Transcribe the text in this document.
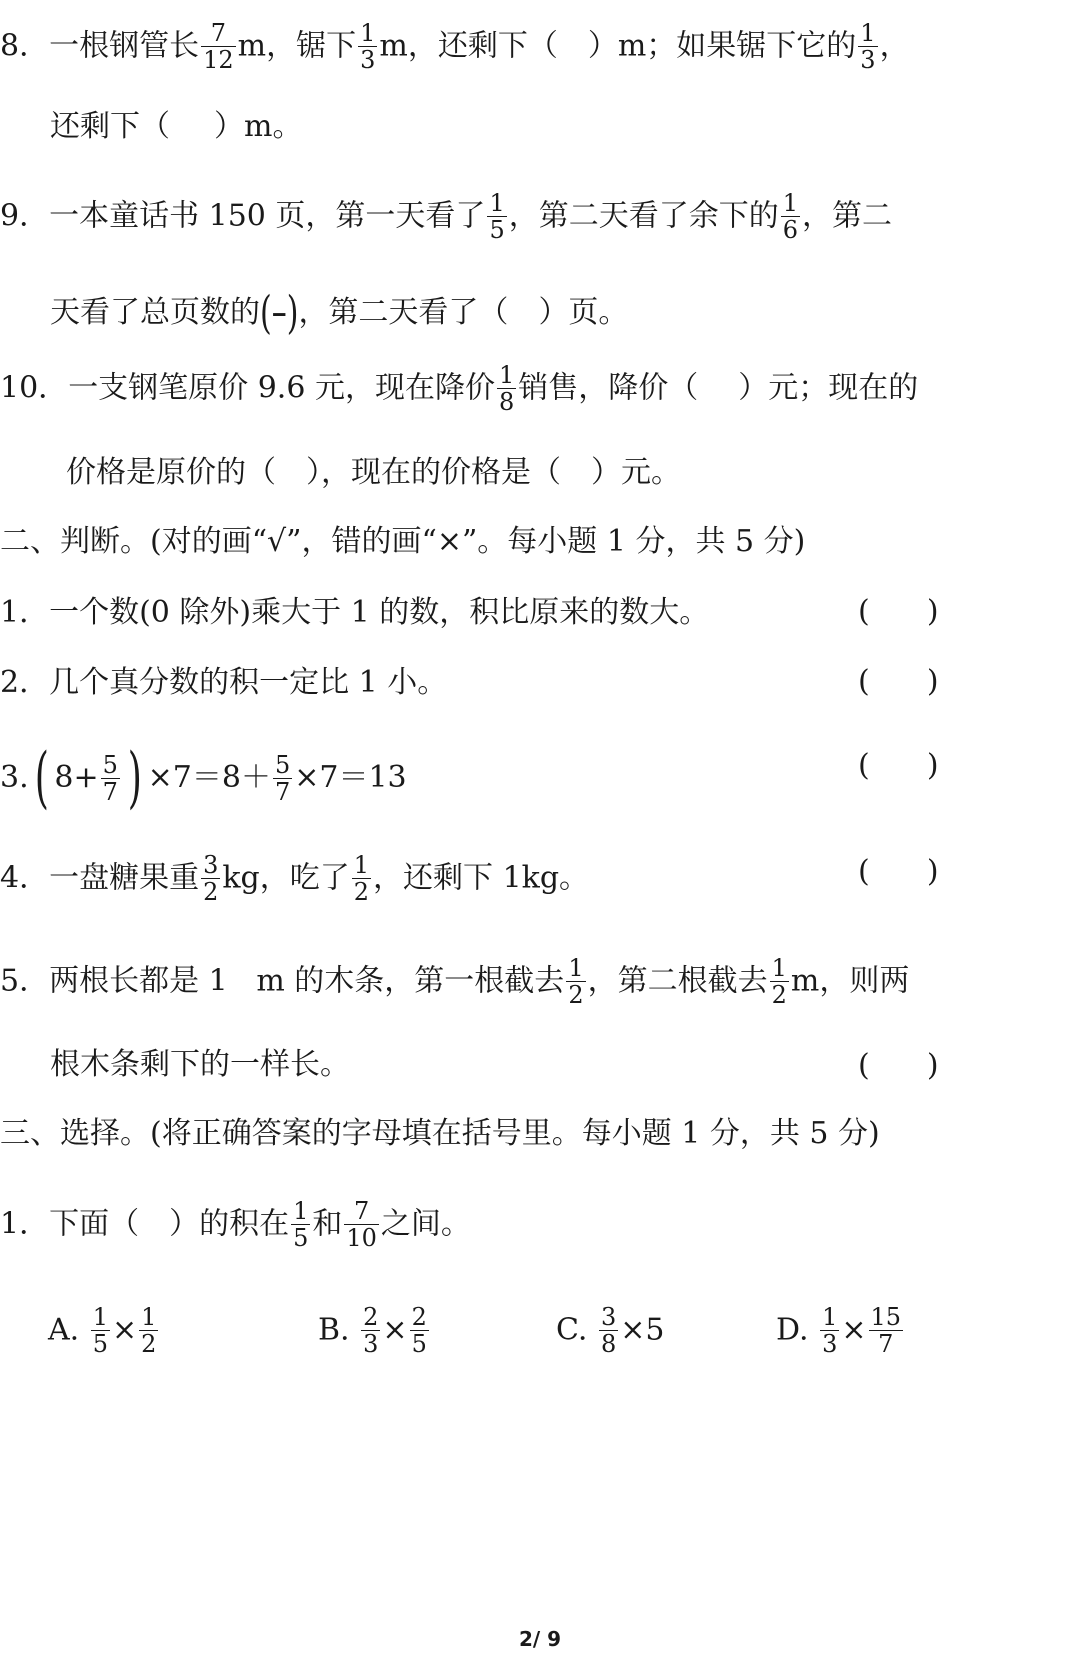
8．一根钢管长 $\frac{7}{12}$ m，锯下 $\frac{1}{3}$ m，还剩下（ ）m；如果锯下它的 $\frac{1}{3}$ ，
还剩下（ ）m。
9．一本童话书 150 页，第一天看了 $\frac{1}{5}$ ，第二天看了余下的 $\frac{1}{6}$ ，第二
天看了总页数的(–)，第二天看了（ ）页。
10．一支钢笔原价 9.6 元，现在降价 $\frac{1}{8}$ 销售，降价（ ）元；现在的
价格是原价的（ ），现在的价格是（ ）元。
二、判断。(对的画“√”，错的画“×”。每小题 1 分，共 5 分)
1．一个数(0 除外)乘大于 1 的数，积比原来的数大。	(      )
2．几个真分数的积一定比 1 小。	(      )
3.( $8+ \frac{5}{7}$ ) $\times 7=8+ \frac{5}{7} \times 7=13$	(      )
4．一盘糖果重 $\frac{3}{2}$ kg，吃了 $\frac{1}{2}$ ，还剩下 1kg。	(      )
5．两根长都是 1   m 的木条，第一根截去 $\frac{1}{2}$ ，第二根截去 $\frac{1}{2}$ m，则两
根木条剩下的一样长。	(      )
三、选择。(将正确答案的字母填在括号里。每小题 1 分，共 5 分)
1．下面（ ）的积在 $\frac{1}{5}$ 和 $\frac{7}{10}$ 之间。
A. $\frac{1}{5} \times \frac{1}{2}$	B. $\frac{2}{3} \times \frac{2}{5}$	C. $\frac{3}{8} \times 5$	D. $\frac{1}{3} \times \frac{15}{7}$
2/ 9
